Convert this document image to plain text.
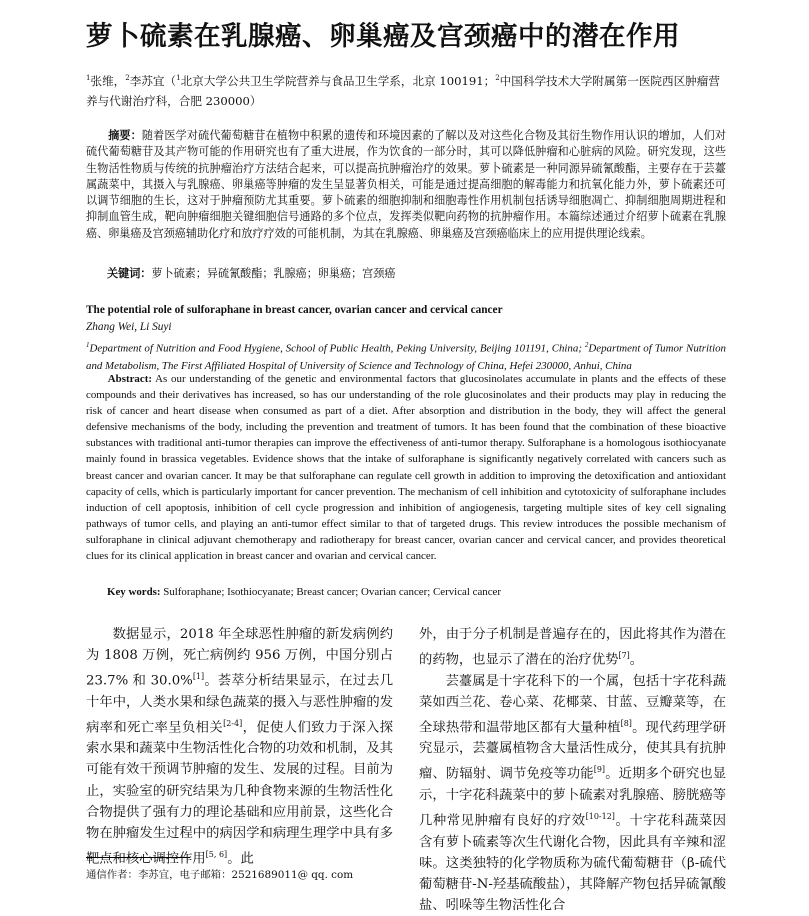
萝卜硫素在乳腺癌、卵巢癌及宫颈癌中的潜在作用
$^1$张维，$^2$李苏宜（$^1$北京大学公共卫生学院营养与食品卫生学系，北京 100191；$^2$中国科学技术大学附属第一医院西区肿瘤营养与代谢治疗科，合肥 230000）
摘要：随着医学对硫代葡萄糖苷在植物中积累的遗传和环境因素的了解以及对这些化合物及其衍生物作用认识的增加，人们对硫代葡萄糖苷及其产物可能的作用研究也有了重大进展，作为饮食的一部分时，其可以降低肿瘤和心脏病的风险。研究发现，这些生物活性物质与传统的抗肿瘤治疗方法结合起来，可以提高抗肿瘤治疗的效果。萝卜硫素是一种同源异硫氰酸酯，主要存在于芸薹属蔬菜中，其摄入与乳腺癌、卵巢癌等肿瘤的发生呈显著负相关，可能是通过提高细胞的解毒能力和抗氧化能力外，萝卜硫素还可以调节细胞的生长，这对于肿瘤预防尤其重要。萝卜硫素的细胞抑制和细胞毒性作用机制包括诱导细胞凋亡、抑制细胞周期进程和抑制血管生成，靶向肿瘤细胞关键细胞信号通路的多个位点，发挥类似靶向药物的抗肿瘤作用。本篇综述通过介绍萝卜硫素在乳腺癌、卵巢癌及宫颈癌辅助化疗和放疗疗效的可能机制，为其在乳腺癌、卵巢癌及宫颈癌临床上的应用提供理论线索。
关键词：萝卜硫素；异硫氰酸酯；乳腺癌；卵巢癌；宫颈癌
The potential role of sulforaphane in breast cancer, ovarian cancer and cervical cancer
Zhang Wei, Li Suyi
$^1$Department of Nutrition and Food Hygiene, School of Public Health, Peking University, Beijing 101191, China; $^2$Department of Tumor Nutrition and Metabolism, The First Affiliated Hospital of University of Science and Technology of China, Hefei 230000, Anhui, China
Abstract: As our understanding of the genetic and environmental factors that glucosinolates accumulate in plants and the effects of these compounds and their derivatives has increased, so has our understanding of the role glucosinolates and their products may play in reducing the risk of cancer and heart disease when consumed as part of a diet. After absorption and distribution in the body, they will affect the general defensive mechanisms of the body, including the prevention and treatment of tumors. It has been found that the combination of these bioactive substances with traditional anti-tumor therapies can improve the effectiveness of anti-tumor therapy. Sulforaphane is a homologous isothiocyanate mainly found in brassica vegetables. Evidence shows that the intake of sulforaphane is significantly negatively correlated with cancers such as breast cancer and ovarian cancer. It may be that sulforaphane can regulate cell growth in addition to improving the detoxification and antioxidant capacity of cells, which is particularly important for cancer prevention. The mechanism of cell inhibition and cytotoxicity of sulforaphane includes induction of cell apoptosis, inhibition of cell cycle progression and inhibition of angiogenesis, targeting multiple sites of key cell signaling pathways of tumor cells, and playing an anti-tumor effect similar to that of targeted drugs. This review introduces the possible mechanism of sulforaphane in clinical adjuvant chemotherapy and radiotherapy for breast cancer, ovarian cancer and cervical cancer, and provides theoretical clues for its clinical application in breast cancer and ovarian and cervical cancer.
Key words: Sulforaphane; Isothiocyanate; Breast cancer; Ovarian cancer; Cervical cancer

数据显示，2018 年全球恶性肿瘤的新发病例约为 1808 万例，死亡病例约 956 万例，中国分别占 23.7% 和 30.0%[1]。荟萃分析结果显示，在过去几十年中，人类水果和绿色蔬菜的摄入与恶性肿瘤的发病率和死亡率呈负相关[2-4]，促使人们致力于深入探索水果和蔬菜中生物活性化合物的功效和机制，及其可能有效干预调节肿瘤的发生、发展的过程。目前为止，实验室的研究结果为几种食物来源的生物活性化合物提供了强有力的理论基础和应用前景，这些化合物在肿瘤发生过程中的病因学和病理生理学中具有多靶点和核心调控作用[5, 6]。此

外，由于分子机制是普遍存在的，因此将其作为潜在的药物，也显示了潜在的治疗优势[7]。

芸薹属是十字花科下的一个属，包括十字花科蔬菜如西兰花、卷心菜、花椰菜、甘蓝、豆瓣菜等，在全球热带和温带地区都有大量种植[8]。现代药理学研究显示，芸薹属植物含大量活性成分，使其具有抗肿瘤、防辐射、调节免疫等功能[9]。近期多个研究也显示，十字花科蔬菜中的萝卜硫素对乳腺癌、膀胱癌等几种常见肿瘤有良好的疗效[10-12]。十字花科蔬菜因含有萝卜硫素等次生代谢化合物，因此具有辛辣和涩味。这类独特的化学物质称为硫代葡萄糖苷（β-硫代葡萄糖苷-N-羟基硫酸盐），其降解产物包括异硫氰酸盐、吲哚等生物活性化合

通信作者：李苏宜，电子邮箱：2521689011@ qq. com
